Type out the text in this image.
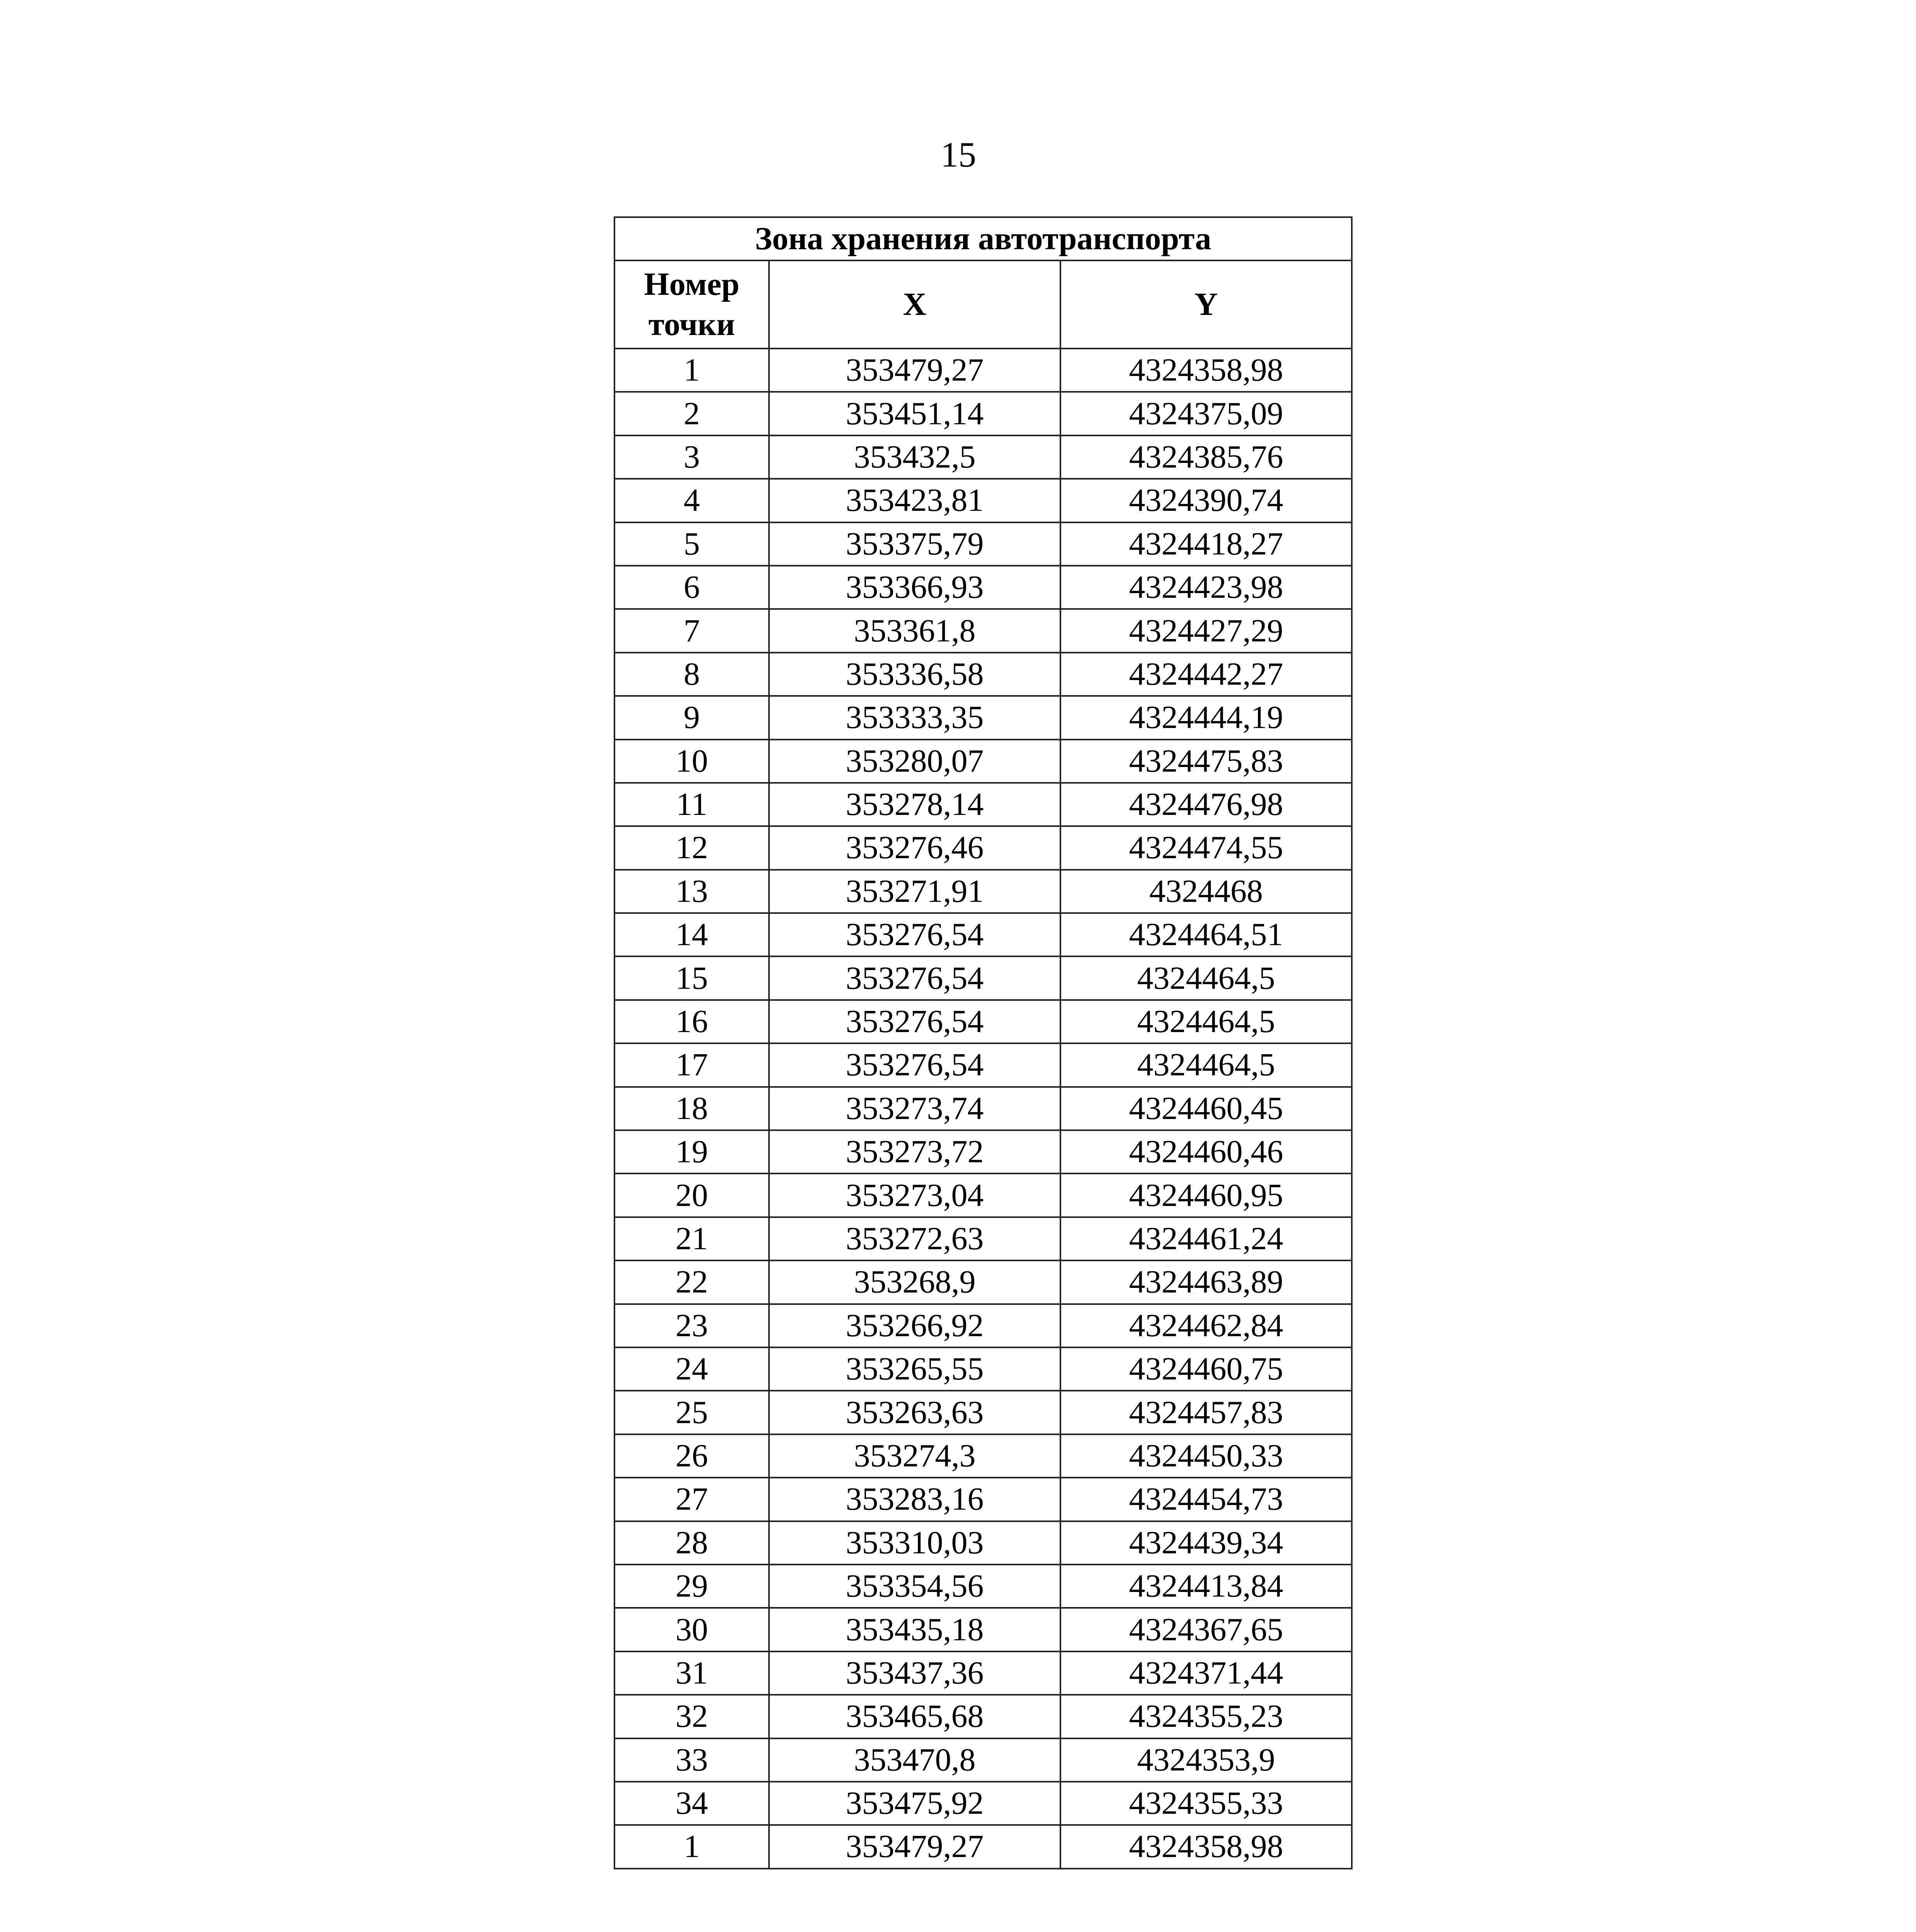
15
Зона хранения автотранспорта		
Номер точки	X	Y
1	353479,27	4324358,98
2	353451,14	4324375,09
3	353432,5	4324385,76
4	353423,81	4324390,74
5	353375,79	4324418,27
6	353366,93	4324423,98
7	353361,8	4324427,29
8	353336,58	4324442,27
9	353333,35	4324444,19
10	353280,07	4324475,83
11	353278,14	4324476,98
12	353276,46	4324474,55
13	353271,91	4324468
14	353276,54	4324464,51
15	353276,54	4324464,5
16	353276,54	4324464,5
17	353276,54	4324464,5
18	353273,74	4324460,45
19	353273,72	4324460,46
20	353273,04	4324460,95
21	353272,63	4324461,24
22	353268,9	4324463,89
23	353266,92	4324462,84
24	353265,55	4324460,75
25	353263,63	4324457,83
26	353274,3	4324450,33
27	353283,16	4324454,73
28	353310,03	4324439,34
29	353354,56	4324413,84
30	353435,18	4324367,65
31	353437,36	4324371,44
32	353465,68	4324355,23
33	353470,8	4324353,9
34	353475,92	4324355,33
1	353479,27	4324358,98
